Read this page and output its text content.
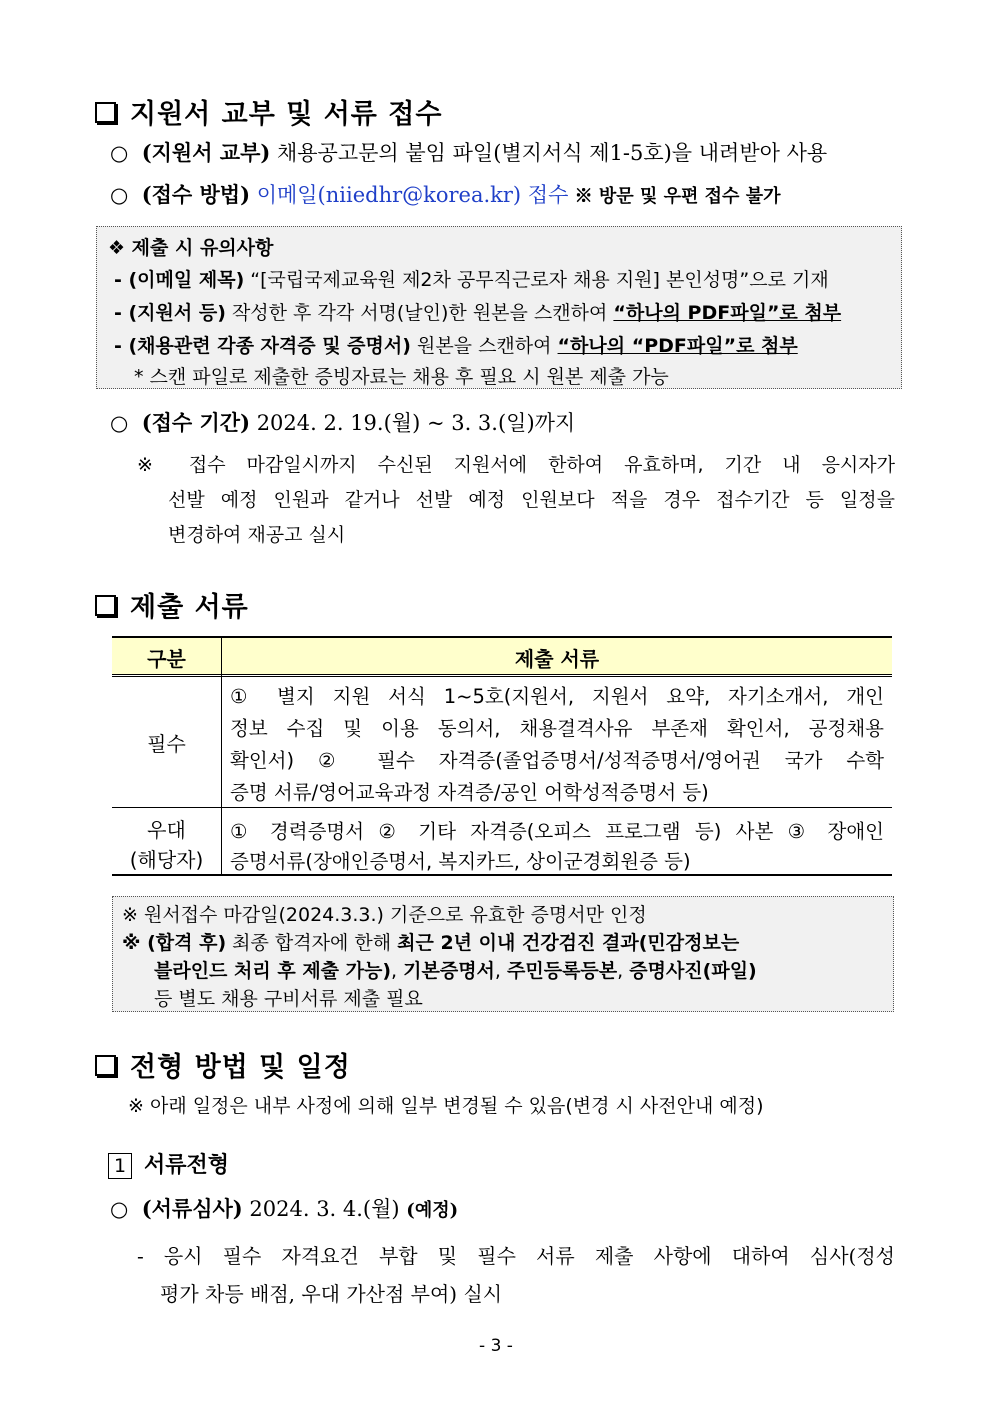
지원서 교부 및 서류 접수
○ (지원서 교부) 채용공고문의 붙임 파일(별지서식 제1-5호)을 내려받아 사용
○ (접수 방법) 이메일(niiedhr@korea.kr) 접수 ※ 방문 및 우편 접수 불가
❖ 제출 시 유의사항
- (이메일 제목) “[국립국제교육원 제2차 공무직근로자 채용 지원] 본인성명”으로 기재
- (지원서 등) 작성한 후 각각 서명(날인)한 원본을 스캔하여 “하나의 PDF파일”로 첨부
- (채용관련 각종 자격증 및 증명서) 원본을 스캔하여 “하나의 “PDF파일”로 첨부
* 스캔 파일로 제출한 증빙자료는 채용 후 필요 시 원본 제출 가능
○ (접수 기간) 2024. 2. 19.(월) ~ 3. 3.(일)까지
※ 접수 마감일시까지 수신된 지원서에 한하여 유효하며, 기간 내 응시자가
선발 예정 인원과 같거나 선발 예정 인원보다 적을 경우 접수기간 등 일정을
변경하여 재공고 실시
제출 서류
구분	제출 서류
필수
① 별지 지원 서식 1~5호(지원서, 지원서 요약, 자기소개서, 개인
정보 수집 및 이용 동의서, 채용결격사유 부존재 확인서, 공정채용
확인서) ② 필수 자격증(졸업증명서/성적증명서/영어권 국가 수학
증명 서류/영어교육과정 자격증/공인 어학성적증명서 등)
우대
(해당자)
① 경력증명서 ② 기타 자격증(오피스 프로그램 등) 사본 ③ 장애인
증명서류(장애인증명서, 복지카드, 상이군경회원증 등)
※ 원서접수 마감일(2024.3.3.) 기준으로 유효한 증명서만 인정
※ (합격 후) 최종 합격자에 한해 최근 2년 이내 건강검진 결과(민감정보는
블라인드 처리 후 제출 가능), 기본증명서, 주민등록등본, 증명사진(파일)
등 별도 채용 구비서류 제출 필요
전형 방법 및 일정
※ 아래 일정은 내부 사정에 의해 일부 변경될 수 있음(변경 시 사전안내 예정)
1 서류전형
○ (서류심사) 2024. 3. 4.(월) (예정)
- 응시 필수 자격요건 부합 및 필수 서류 제출 사항에 대하여 심사(정성
평가 차등 배점, 우대 가산점 부여) 실시
- 3 -
